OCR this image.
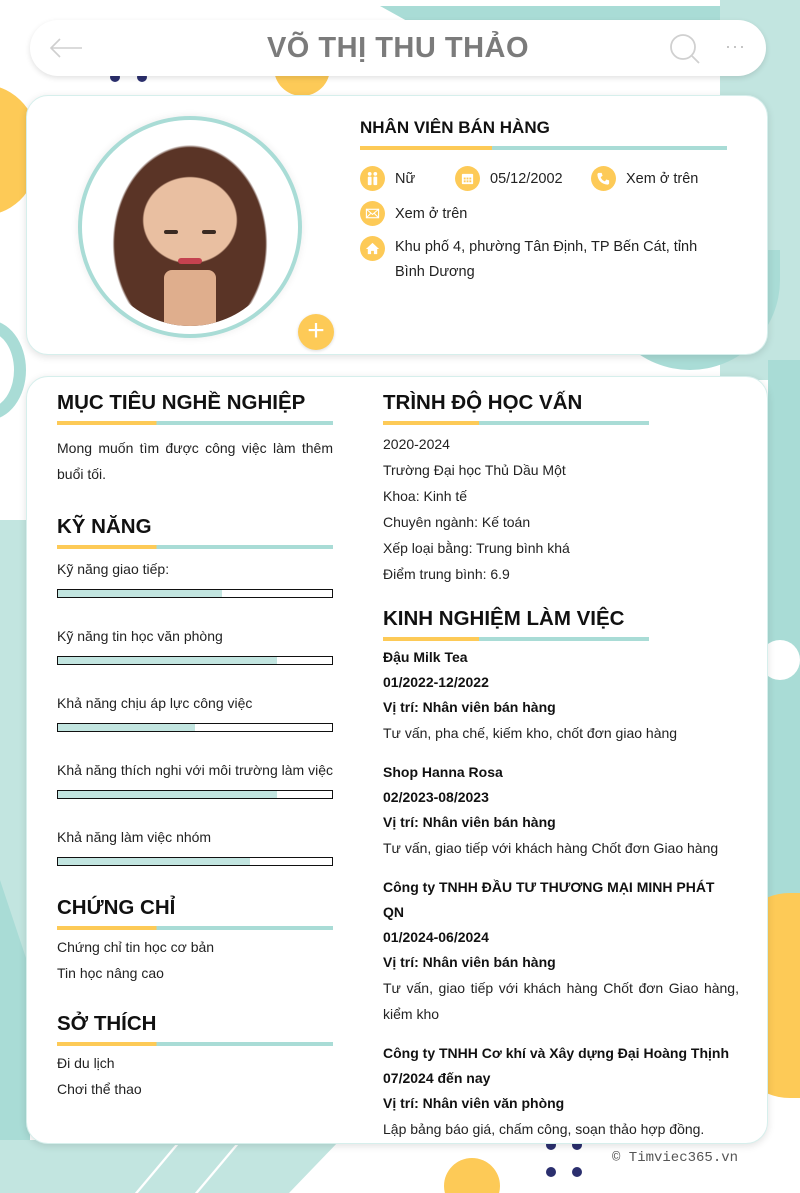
VÕ THỊ THU THẢO	···
+
NHÂN VIÊN BÁN HÀNG
Nữ	05/12/2002	Xem ở trên
Xem ở trên
Khu phố 4, phường Tân Định, TP Bến Cát, tỉnh Bình Dương
MỤC TIÊU NGHỀ NGHIỆP
Mong muốn tìm được công việc làm thêm buổi tối.
KỸ NĂNG
Kỹ năng giao tiếp:
Kỹ năng tin học văn phòng
Khả năng chịu áp lực công việc
Khả năng thích nghi với môi trường làm việc
Khả năng làm việc nhóm
CHỨNG CHỈ
Chứng chỉ tin học cơ bản
Tin học nâng cao
SỞ THÍCH
Đi du lịch
Chơi thể thao
TRÌNH ĐỘ HỌC VẤN
2020-2024
Trường Đại học Thủ Dầu Một
Khoa: Kinh tế
Chuyên ngành: Kế toán
Xếp loại bằng: Trung bình khá
Điểm trung bình: 6.9
KINH NGHIỆM LÀM VIỆC
Đậu Milk Tea
01/2022-12/2022
Vị trí: Nhân viên bán hàng
Tư vấn, pha chế, kiếm kho, chốt đơn giao hàng
Shop Hanna Rosa
02/2023-08/2023
Vị trí: Nhân viên bán hàng
Tư vấn, giao tiếp với khách hàng Chốt đơn Giao hàng
Công ty TNHH ĐẦU TƯ THƯƠNG MẠI MINH PHÁT QN
01/2024-06/2024
Vị trí: Nhân viên bán hàng
Tư vấn, giao tiếp với khách hàng Chốt đơn Giao hàng, kiểm kho
Công ty TNHH Cơ khí và Xây dựng Đại Hoàng Thịnh
07/2024 đến nay
Vị trí: Nhân viên văn phòng
Lập bảng báo giá, chấm công, soạn thảo hợp đồng.
© Timviec365.vn
